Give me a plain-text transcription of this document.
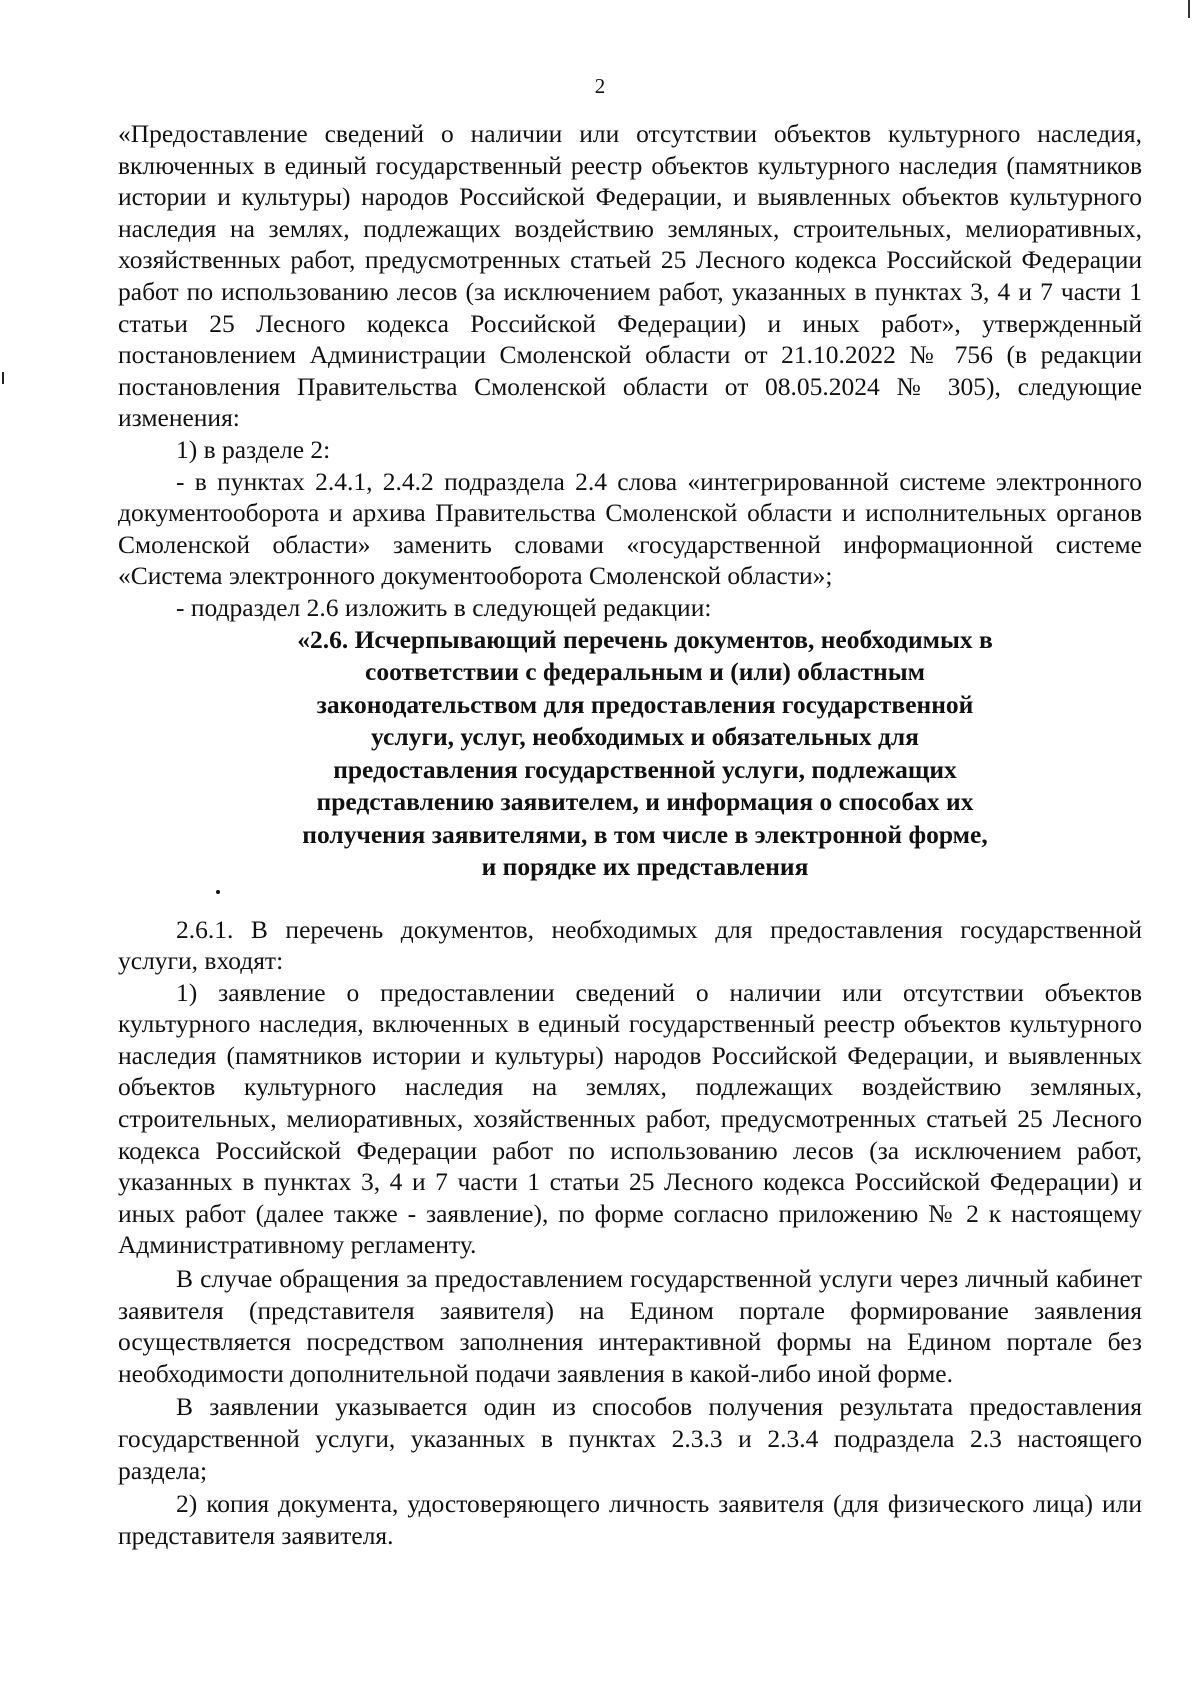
2

«Предоставление сведений о наличии или отсутствии объектов культурного наследия, включенных в единый государственный реестр объектов культурного наследия (памятников истории и культуры) народов Российской Федерации, и выявленных объектов культурного наследия на землях, подлежащих воздействию земляных, строительных, мелиоративных, хозяйственных работ, предусмотренных статьей 25 Лесного кодекса Российской Федерации работ по использованию лесов (за исключением работ, указанных в пунктах 3, 4 и 7 части 1 статьи 25 Лесного кодекса Российской Федерации) и иных работ», утвержденный постановлением Администрации Смоленской области от 21.10.2022 № 756 (в редакции постановления Правительства Смоленской области от 08.05.2024 № 305), следующие изменения:

1) в разделе 2:

- в пунктах 2.4.1, 2.4.2 подраздела 2.4 слова «интегрированной системе электронного документооборота и архива Правительства Смоленской области и исполнительных органов Смоленской области» заменить словами «государственной информационной системе «Система электронного документооборота Смоленской области»;

- подраздел 2.6 изложить в следующей редакции:

«2.6. Исчерпывающий перечень документов, необходимых в соответствии с федеральным и (или) областным законодательством для предоставления государственной услуги, услуг, необходимых и обязательных для предоставления государственной услуги, подлежащих представлению заявителем, и информация о способах их получения заявителями, в том числе в электронной форме, и порядке их представления

2.6.1. В перечень документов, необходимых для предоставления государственной услуги, входят:

1) заявление о предоставлении сведений о наличии или отсутствии объектов культурного наследия, включенных в единый государственный реестр объектов культурного наследия (памятников истории и культуры) народов Российской Федерации, и выявленных объектов культурного наследия на землях, подлежащих воздействию земляных, строительных, мелиоративных, хозяйственных работ, предусмотренных статьей 25 Лесного кодекса Российской Федерации работ по использованию лесов (за исключением работ, указанных в пунктах 3, 4 и 7 части 1 статьи 25 Лесного кодекса Российской Федерации) и иных работ (далее также - заявление), по форме согласно приложению № 2 к настоящему Административному регламенту.

В случае обращения за предоставлением государственной услуги через личный кабинет заявителя (представителя заявителя) на Едином портале формирование заявления осуществляется посредством заполнения интерактивной формы на Едином портале без необходимости дополнительной подачи заявления в какой-либо иной форме.

В заявлении указывается один из способов получения результата предоставления государственной услуги, указанных в пунктах 2.3.3 и 2.3.4 подраздела 2.3 настоящего раздела;

2) копия документа, удостоверяющего личность заявителя (для физического лица) или представителя заявителя.
